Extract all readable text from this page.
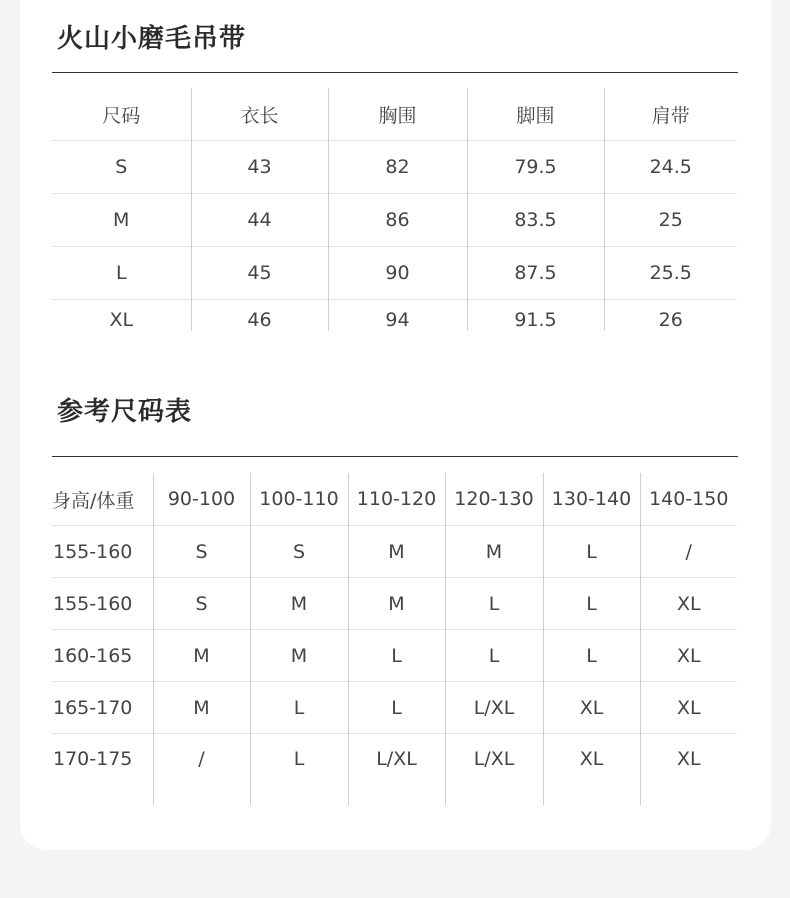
火山小磨毛吊带
尺码	衣长	胸围	脚围	肩带
S	43	82	79.5	24.5
M	44	86	83.5	25
L	45	90	87.5	25.5
XL	46	94	91.5	26
参考尺码表
身高/体重	90-100	100-110	110-120	120-130	130-140	140-150
155-160	S	S	M	M	L	/
155-160	S	M	M	L	L	XL
160-165	M	M	L	L	L	XL
165-170	M	L	L	L/XL	XL	XL
170-175	/	L	L/XL	L/XL	XL	XL
